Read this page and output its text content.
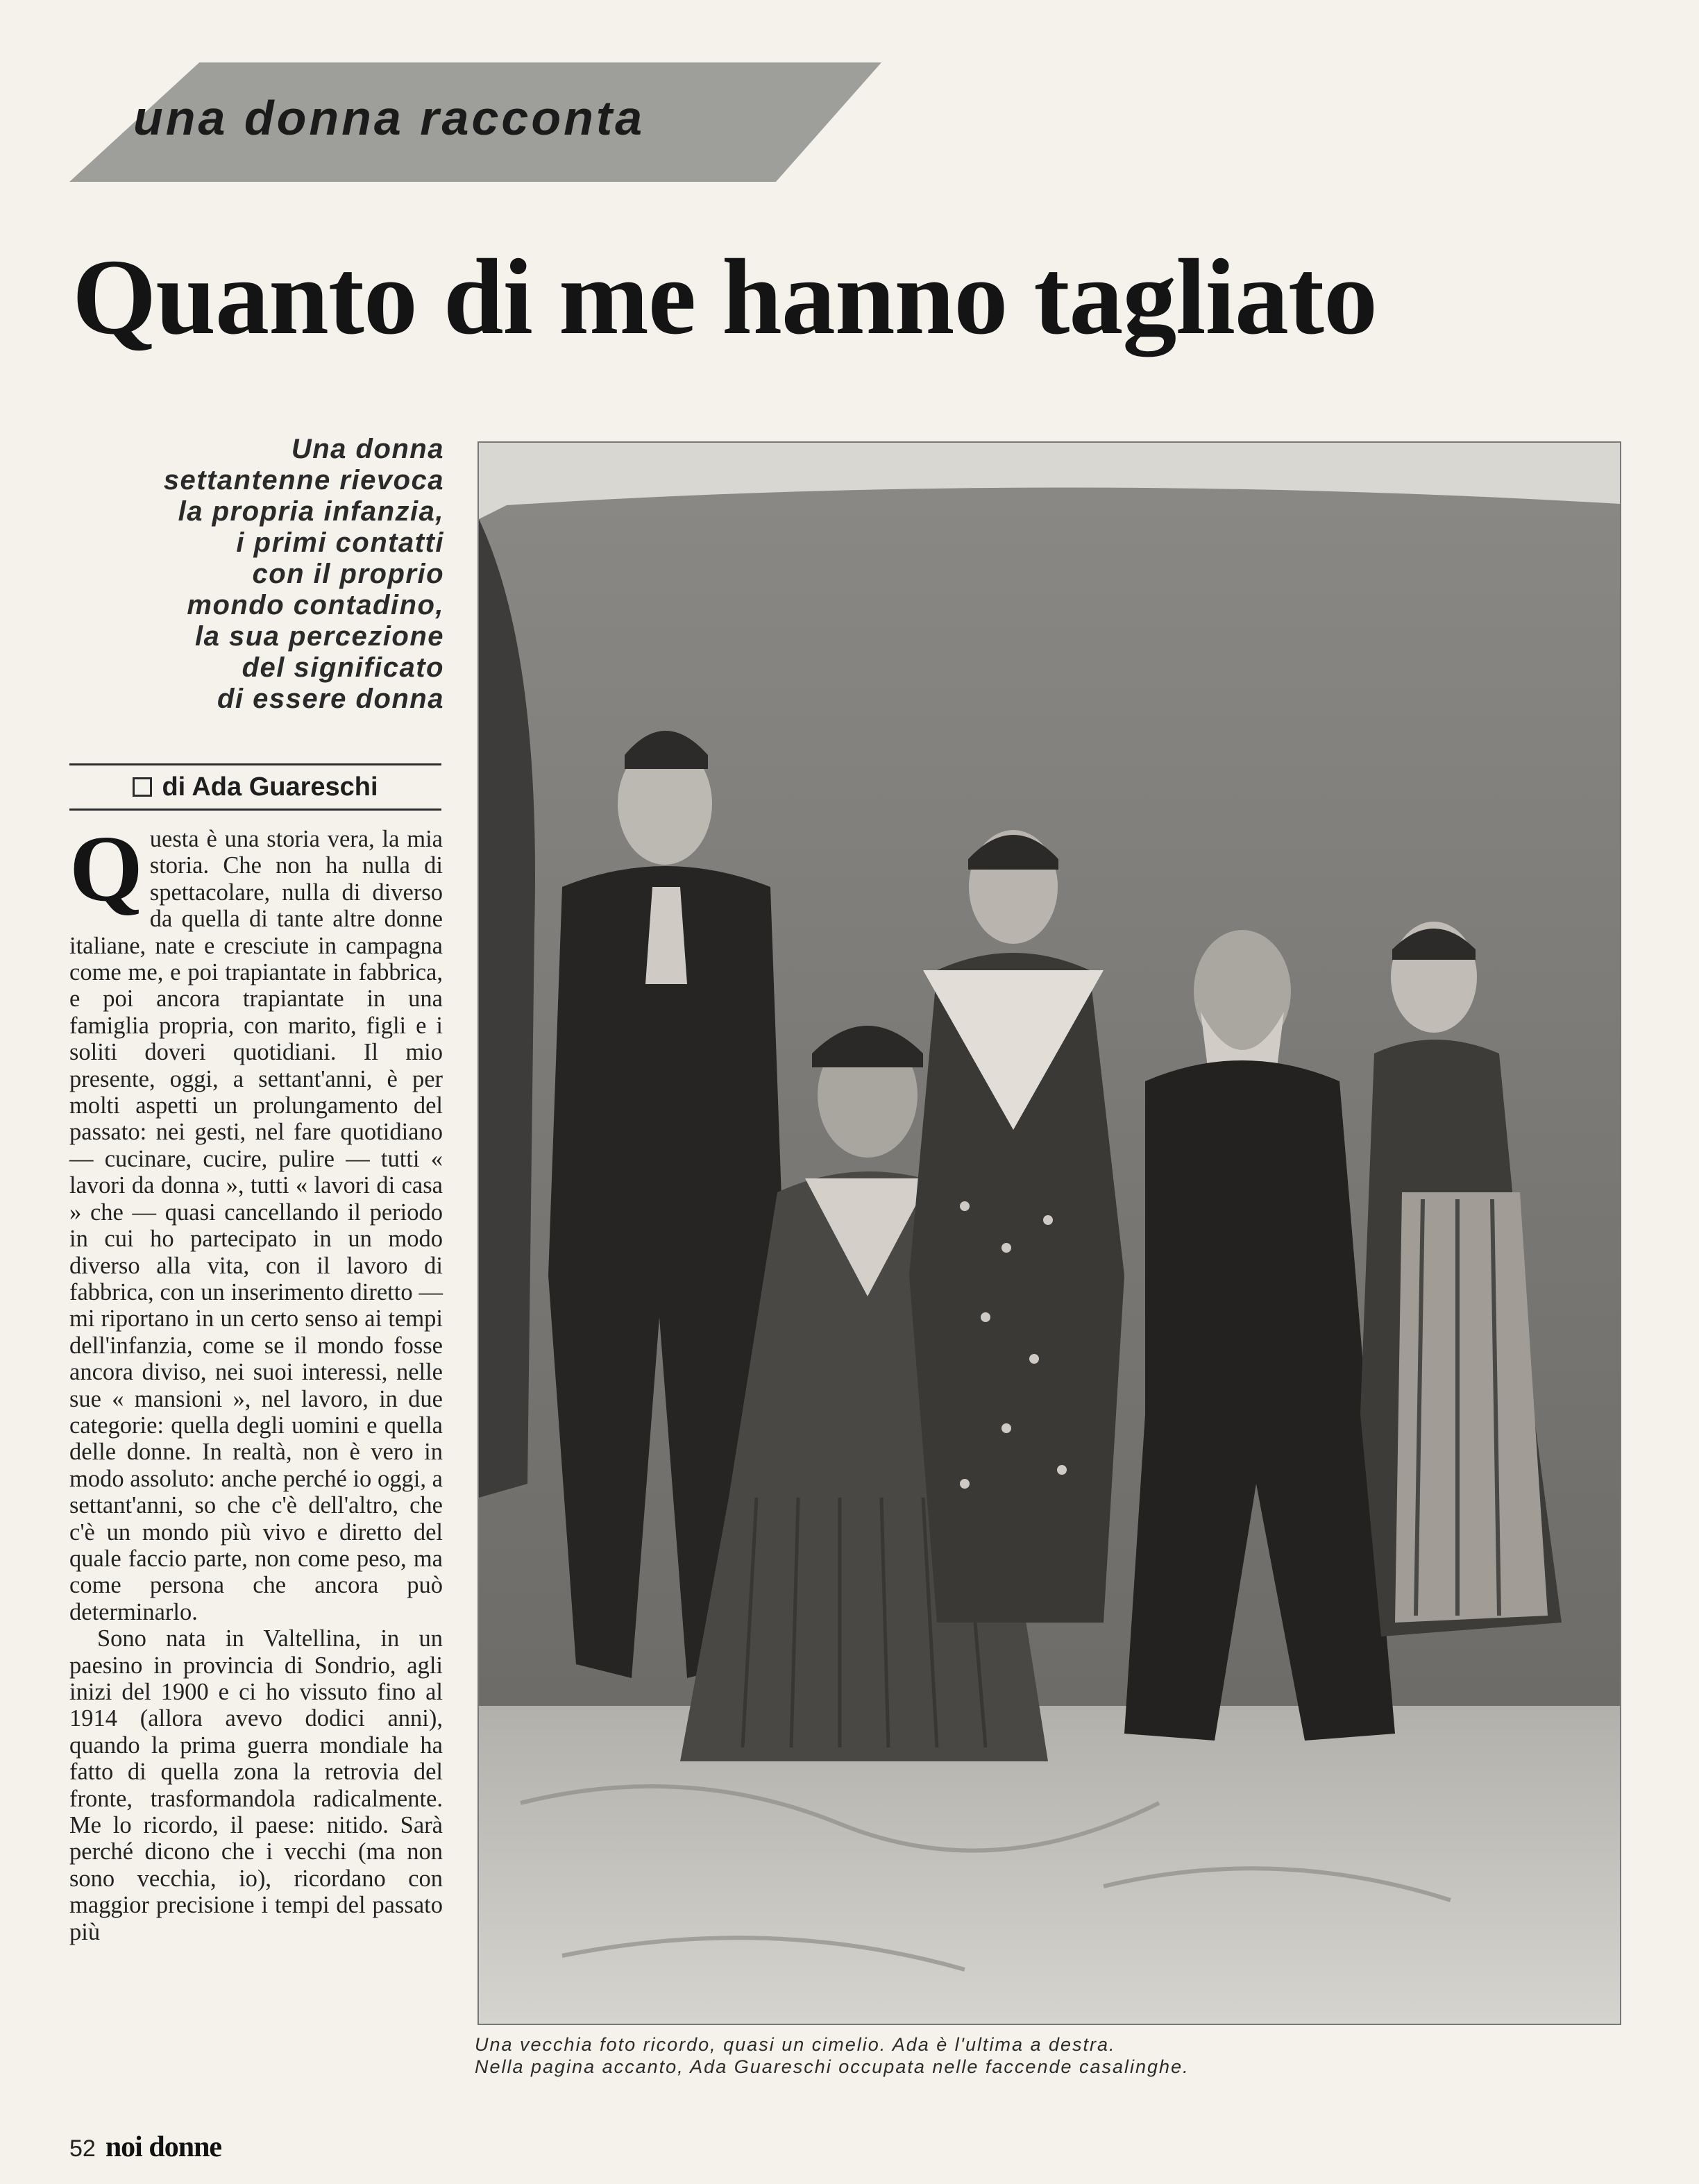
una donna racconta
Quanto di me hanno tagliato
Una donna
settantenne rievoca
la propria infanzia,
i primi contatti
con il proprio
mondo contadino,
la sua percezione
del significato
di essere donna
di Ada Guareschi

Questa è una storia vera, la mia storia. Che non ha nulla di spettacolare, nulla di diverso da quella di tante altre donne italiane, nate e cresciute in campagna come me, e poi trapiantate in fabbrica, e poi ancora trapiantate in una famiglia propria, con marito, figli e i soliti doveri quotidiani. Il mio presente, oggi, a settant'anni, è per molti aspetti un prolungamento del passato: nei gesti, nel fare quotidiano — cucinare, cucire, pulire — tutti « lavori da donna », tutti « lavori di casa » che — quasi cancellando il periodo in cui ho partecipato in un modo diverso alla vita, con il lavoro di fabbrica, con un inserimento diretto — mi riportano in un certo senso ai tempi dell'infanzia, come se il mondo fosse ancora diviso, nei suoi interessi, nelle sue « mansioni », nel lavoro, in due categorie: quella degli uomini e quella delle donne. In realtà, non è vero in modo assoluto: anche perché io oggi, a settant'anni, so che c'è dell'altro, che c'è un mondo più vivo e diretto del quale faccio parte, non come peso, ma come persona che ancora può determinarlo.

Sono nata in Valtellina, in un paesino in provincia di Sondrio, agli inizi del 1900 e ci ho vissuto fino al 1914 (allora avevo dodici anni), quando la prima guerra mondiale ha fatto di quella zona la retrovia del fronte, trasformandola radicalmente. Me lo ricordo, il paese: nitido. Sarà perché dicono che i vecchi (ma non sono vecchia, io), ricordano con maggior precisione i tempi del passato più

Una vecchia foto ricordo, quasi un cimelio. Ada è l'ultima a destra.
Nella pagina accanto, Ada Guareschi occupata nelle faccende casalinghe.
52 noi donne
